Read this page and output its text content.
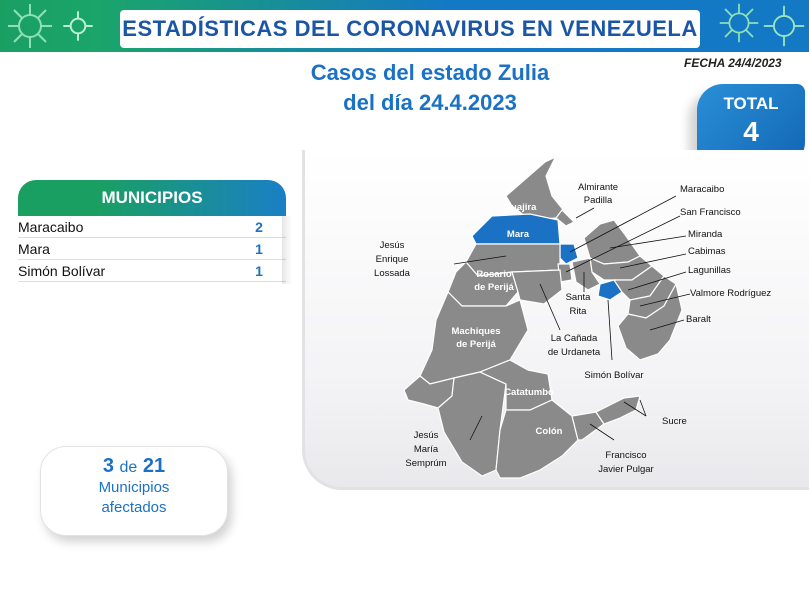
ESTADÍSTICAS DEL CORONAVIRUS EN VENEZUELA
Casos del estado Zulia
del día 24.4.2023
FECHA 24/4/2023
TOTAL
4
Guajira
Mara
Rosario
de Perijá
Machiques
de Perijá
Catatumbo
Colón
Almirante
Padilla
Maracaibo
San Francisco
Miranda
Cabimas
Lagunillas
Valmore Rodríguez
Baralt
Jesús
Enrique
Lossada
Santa
Rita
La Cañada
de Urdaneta
Simón Bolívar
Sucre
Jesús
María
Semprúm
Francisco
Javier Pulgar
MUNICIPIOS
Maracaibo	2
Mara	1
Simón Bolívar	1
3 de 21
Municipios
afectados
